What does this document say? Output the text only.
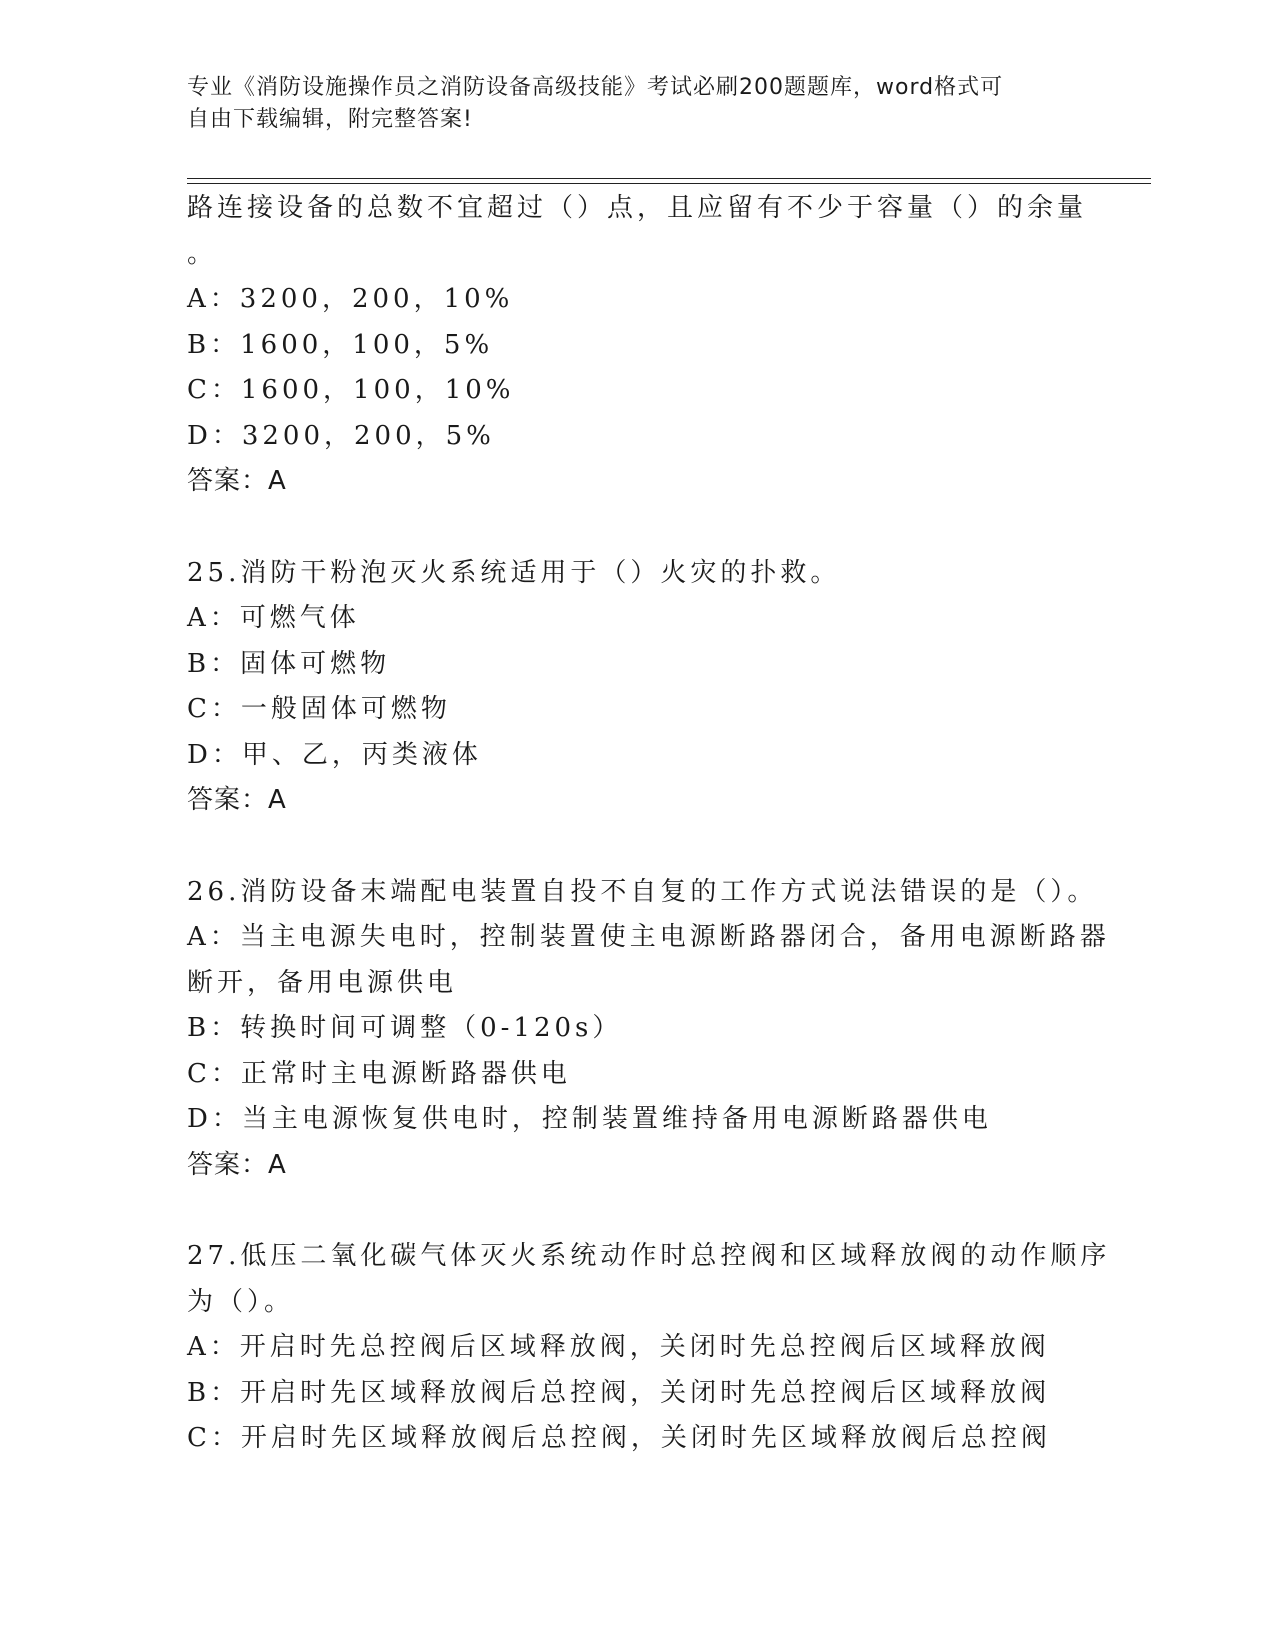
专业《消防设施操作员之消防设备高级技能》考试必刷200题题库，word格式可
自由下载编辑，附完整答案!
路连接设备的总数不宜超过（）点，且应留有不少于容量（）的余量
。
A：3200，200，10%
B：1600，100，5%
C：1600，100，10%
D：3200，200，5%
答案：A
25.消防干粉泡灭火系统适用于（）火灾的扑救。
A：可燃气体
B：固体可燃物
C：一般固体可燃物
D：甲、乙，丙类液体
答案：A
26.消防设备末端配电装置自投不自复的工作方式说法错误的是（）。
A：当主电源失电时，控制装置使主电源断路器闭合，备用电源断路器
断开，备用电源供电
B：转换时间可调整（0-120s）
C：正常时主电源断路器供电
D：当主电源恢复供电时，控制装置维持备用电源断路器供电
答案：A
27.低压二氧化碳气体灭火系统动作时总控阀和区域释放阀的动作顺序
为（）。
A：开启时先总控阀后区域释放阀，关闭时先总控阀后区域释放阀
B：开启时先区域释放阀后总控阀，关闭时先总控阀后区域释放阀
C：开启时先区域释放阀后总控阀，关闭时先区域释放阀后总控阀
